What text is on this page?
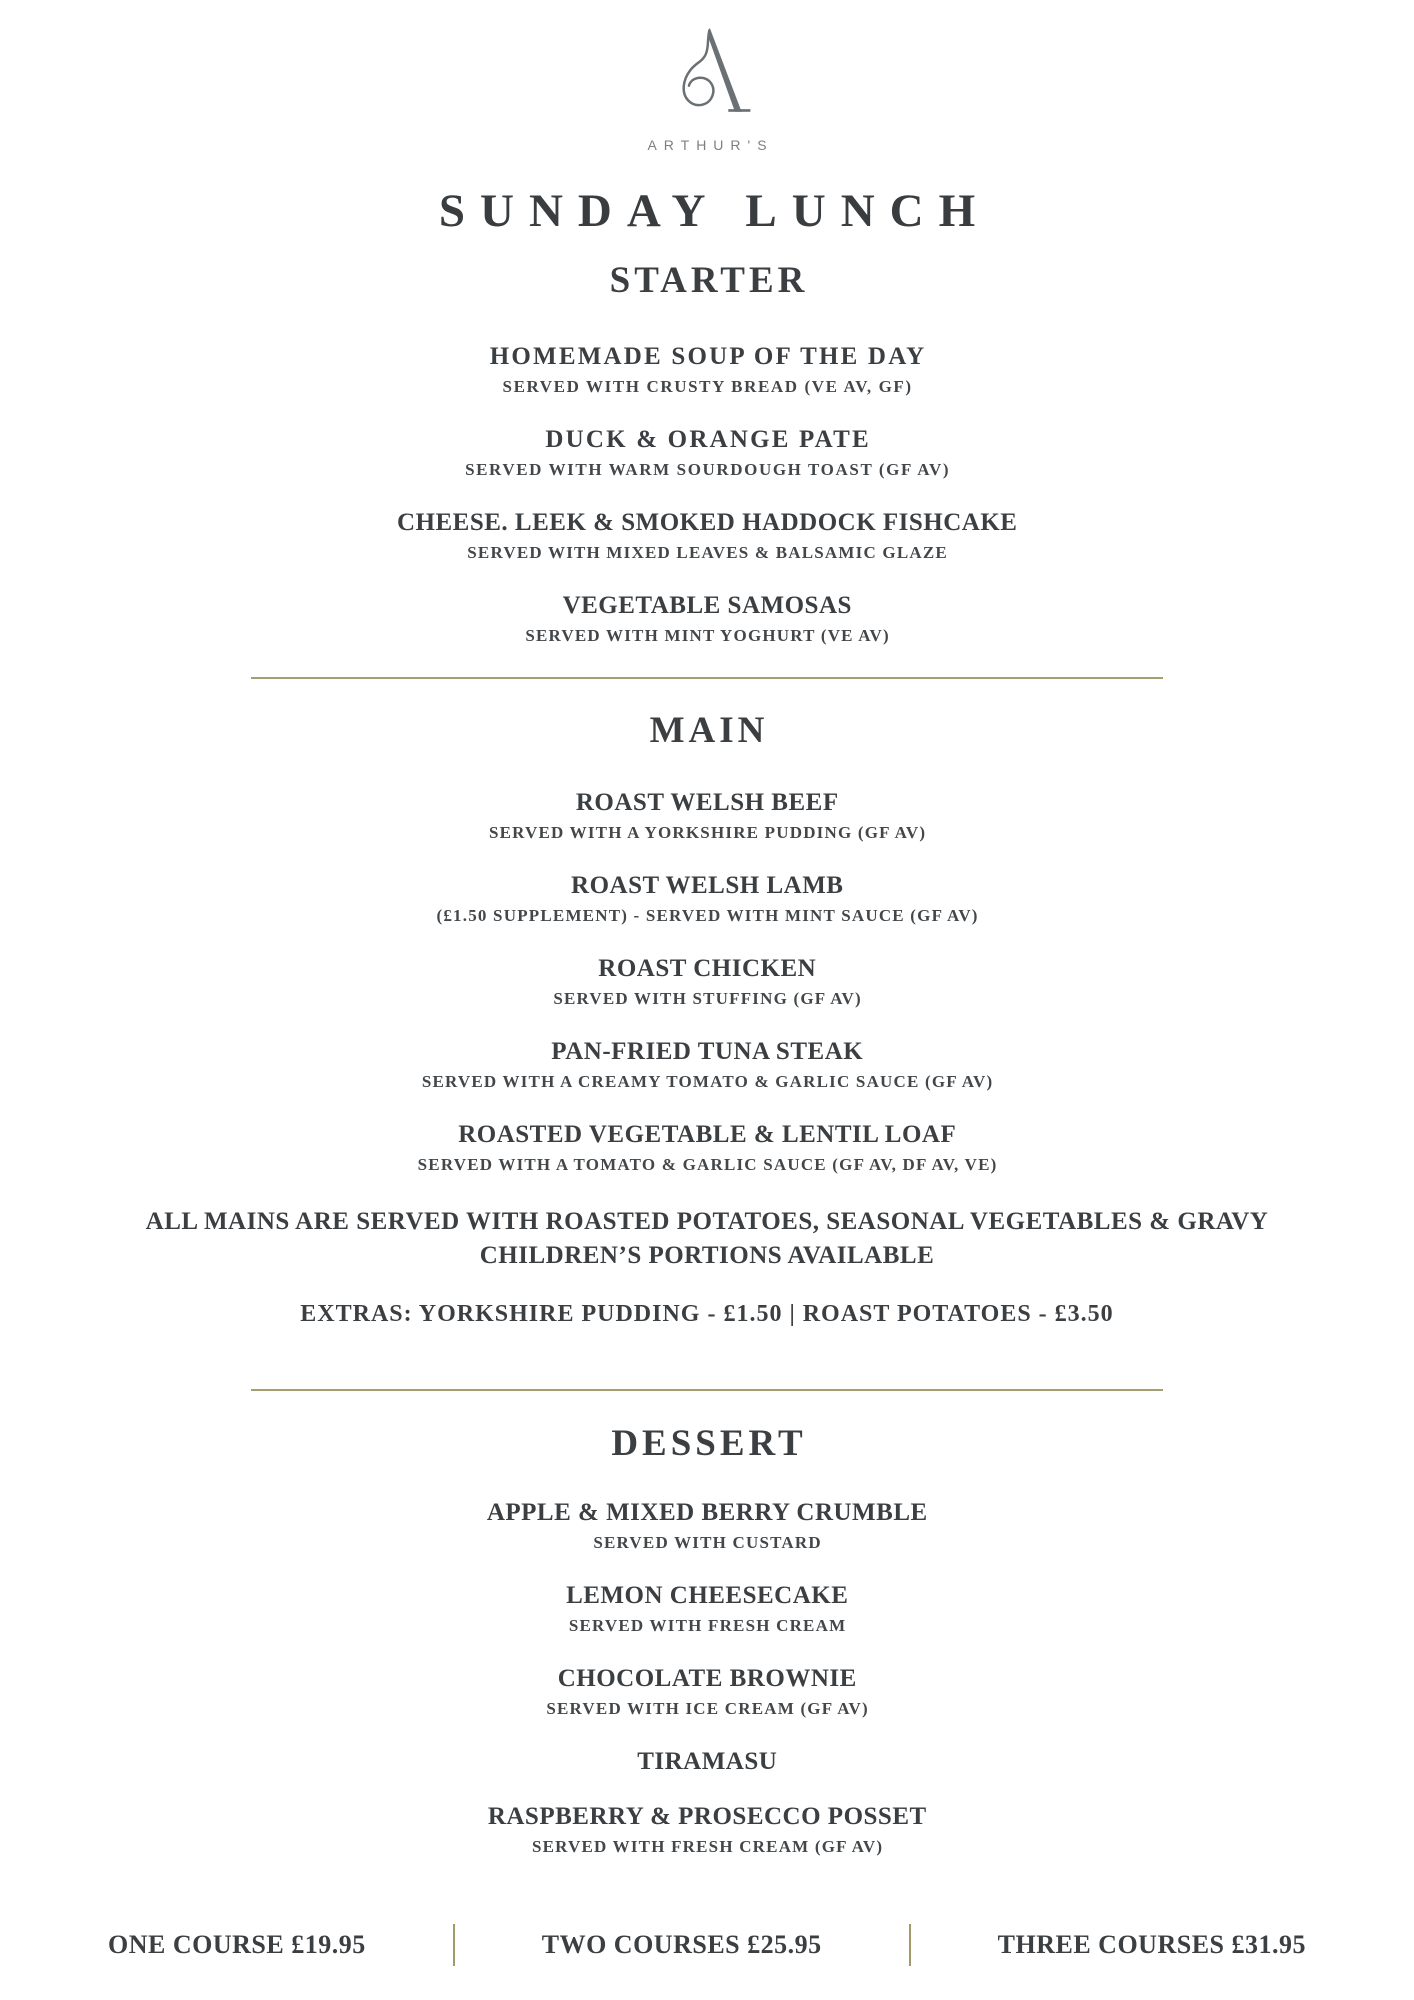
ARTHUR'S
SUNDAY LUNCH
STARTER
HOMEMADE SOUP OF THE DAY
SERVED WITH CRUSTY BREAD (VE AV, GF)
DUCK & ORANGE PATE
SERVED WITH WARM SOURDOUGH TOAST (GF AV)
CHEESE. LEEK & SMOKED HADDOCK FISHCAKE
SERVED WITH MIXED LEAVES & BALSAMIC GLAZE
VEGETABLE SAMOSAS
SERVED WITH MINT YOGHURT (VE AV)
MAIN
ROAST WELSH BEEF
SERVED WITH A YORKSHIRE PUDDING (GF AV)
ROAST WELSH LAMB
(£1.50 SUPPLEMENT) - SERVED WITH MINT SAUCE (GF AV)
ROAST CHICKEN
SERVED WITH STUFFING (GF AV)
PAN-FRIED TUNA STEAK
SERVED WITH A CREAMY TOMATO & GARLIC SAUCE (GF AV)
ROASTED VEGETABLE & LENTIL LOAF
SERVED WITH A TOMATO & GARLIC SAUCE (GF AV, DF AV, VE)
ALL MAINS ARE SERVED WITH ROASTED POTATOES, SEASONAL VEGETABLES & GRAVY
CHILDREN’S PORTIONS AVAILABLE
EXTRAS: YORKSHIRE PUDDING - £1.50 | ROAST POTATOES - £3.50
DESSERT
APPLE & MIXED BERRY CRUMBLE
SERVED WITH CUSTARD
LEMON CHEESECAKE
SERVED WITH FRESH CREAM
CHOCOLATE BROWNIE
SERVED WITH ICE CREAM (GF AV)
TIRAMASU
RASPBERRY & PROSECCO POSSET
SERVED WITH FRESH CREAM (GF AV)
ONE COURSE £19.95	TWO COURSES £25.95	THREE COURSES £31.95
